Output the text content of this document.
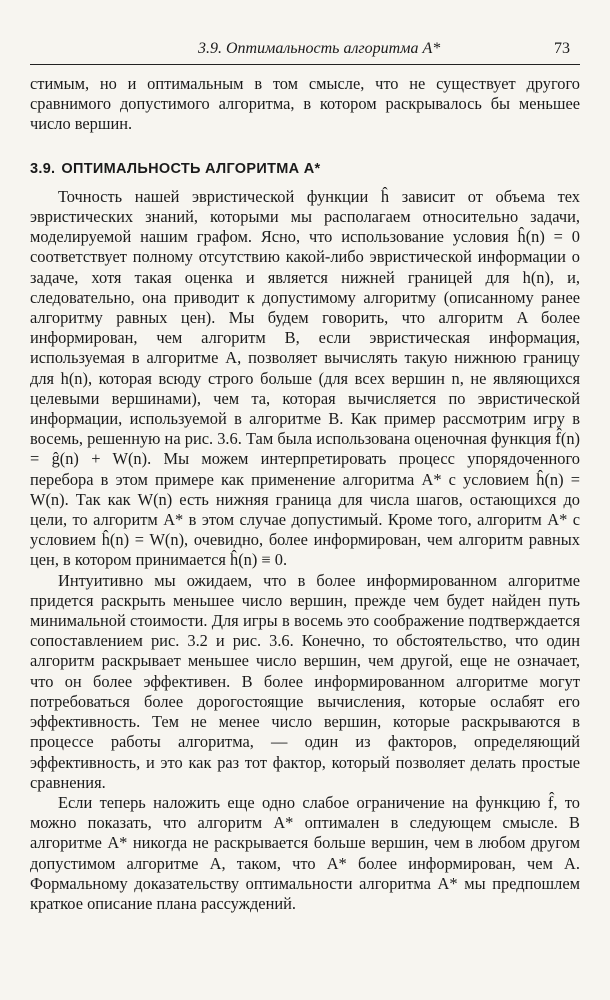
3.9. Оптимальность алгоритма A*	73

стимым, но и оптимальным в том смысле, что не существует другого сравнимого допустимого алгоритма, в котором раскрывалось бы меньшее число вершин.

3.9. ОПТИМАЛЬНОСТЬ АЛГОРИТМА A*

Точность нашей эвристической функции ĥ зависит от объема тех эвристических знаний, которыми мы располагаем относительно задачи, моделируемой нашим графом. Ясно, что использование условия ĥ(n) = 0 соответствует полному отсутствию какой-либо эвристической информации о задаче, хотя такая оценка и является нижней границей для h(n), и, следовательно, она приводит к допустимому алгоритму (описанному ранее алгоритму равных цен). Мы будем говорить, что алгоритм A более информирован, чем алгоритм B, если эвристическая информация, используемая в алгоритме A, позволяет вычислять такую нижнюю границу для h(n), которая всюду строго больше (для всех вершин n, не являющихся целевыми вершинами), чем та, которая вычисляется по эвристической информации, используемой в алгоритме B. Как пример рассмотрим игру в восемь, решенную на рис. 3.6. Там была использована оценочная функция f̂(n) = ĝ(n) + W(n). Мы можем интерпретировать процесс упорядоченного перебора в этом примере как применение алгоритма A* с условием ĥ(n) = W(n). Так как W(n) есть нижняя граница для числа шагов, остающихся до цели, то алгоритм A* в этом случае допустимый. Кроме того, алгоритм A* с условием ĥ(n) = W(n), очевидно, более информирован, чем алгоритм равных цен, в котором принимается ĥ(n) ≡ 0.

Интуитивно мы ожидаем, что в более информированном алгоритме придется раскрыть меньшее число вершин, прежде чем будет найден путь минимальной стоимости. Для игры в восемь это соображение подтверждается сопоставлением рис. 3.2 и рис. 3.6. Конечно, то обстоятельство, что один алгоритм раскрывает меньшее число вершин, чем другой, еще не означает, что он более эффективен. В более информированном алгоритме могут потребоваться более дорогостоящие вычисления, которые ослабят его эффективность. Тем не менее число вершин, которые раскрываются в процессе работы алгоритма, — один из факторов, определяющий эффективность, и это как раз тот фактор, который позволяет делать простые сравнения.

Если теперь наложить еще одно слабое ограничение на функцию f̂, то можно показать, что алгоритм A* оптимален в следующем смысле. В алгоритме A* никогда не раскрывается больше вершин, чем в любом другом допустимом алгоритме A, таком, что A* более информирован, чем A. Формальному доказательству оптимальности алгоритма A* мы предпошлем краткое описание плана рассуждений.
